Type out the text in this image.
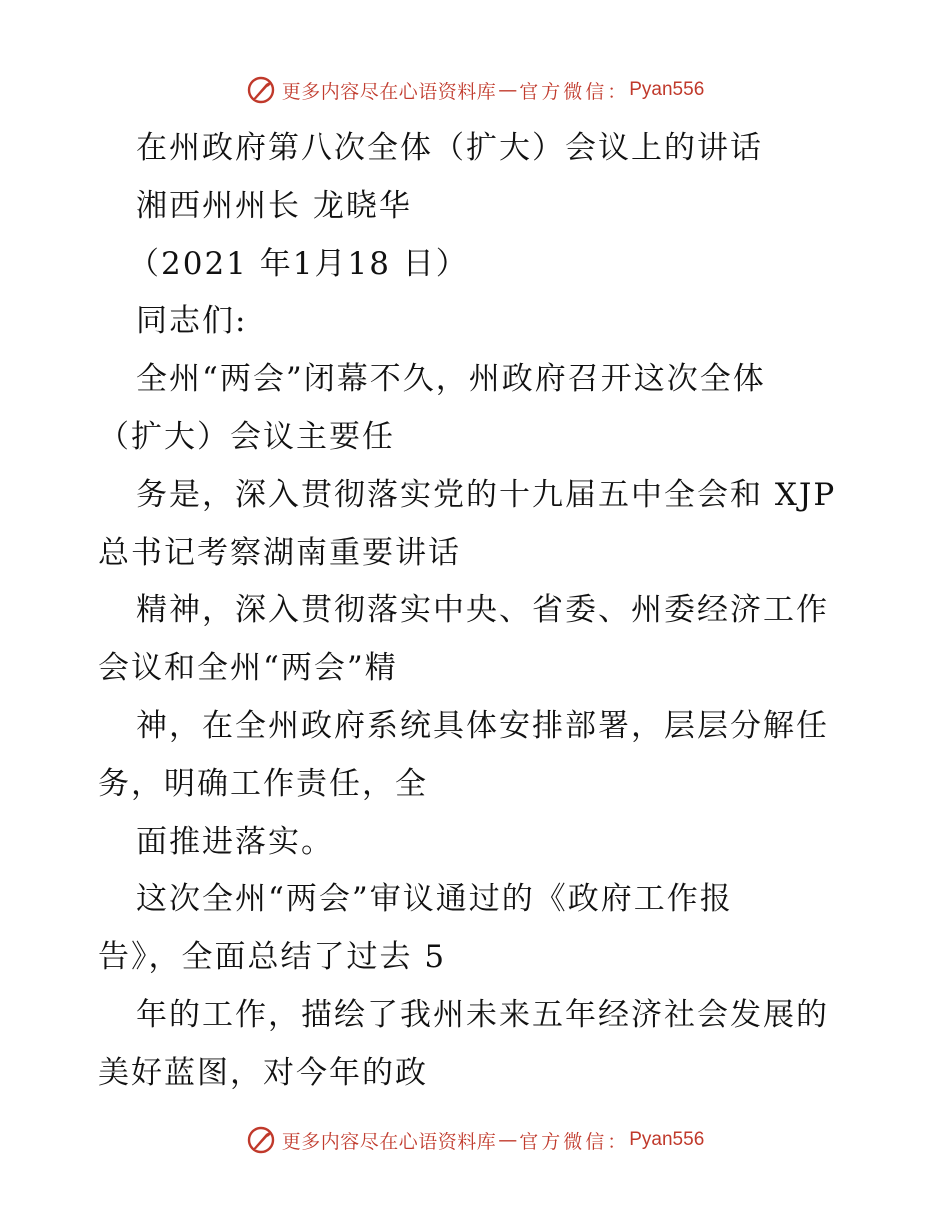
更多内容尽在心语资料库 — 官方微信： Pyan556
在州政府第八次全体（扩大）会议上的讲话
湘西州州长 龙晓华
（2021 年1月18 日）
同志们:
全州“两会”闭幕不久，州政府召开这次全体
（扩大）会议主要任
务是，深入贯彻落实党的十九届五中全会和 XJP
总书记考察湖南重要讲话
精神，深入贯彻落实中央、省委、州委经济工作
会议和全州“两会”精
神，在全州政府系统具体安排部署，层层分解任
务，明确工作责任，全
面推进落实。
这次全州“两会”审议通过的《政府工作报
告》，全面总结了过去 5
年的工作，描绘了我州未来五年经济社会发展的
美好蓝图，对今年的政
更多内容尽在心语资料库 — 官方微信： Pyan556
